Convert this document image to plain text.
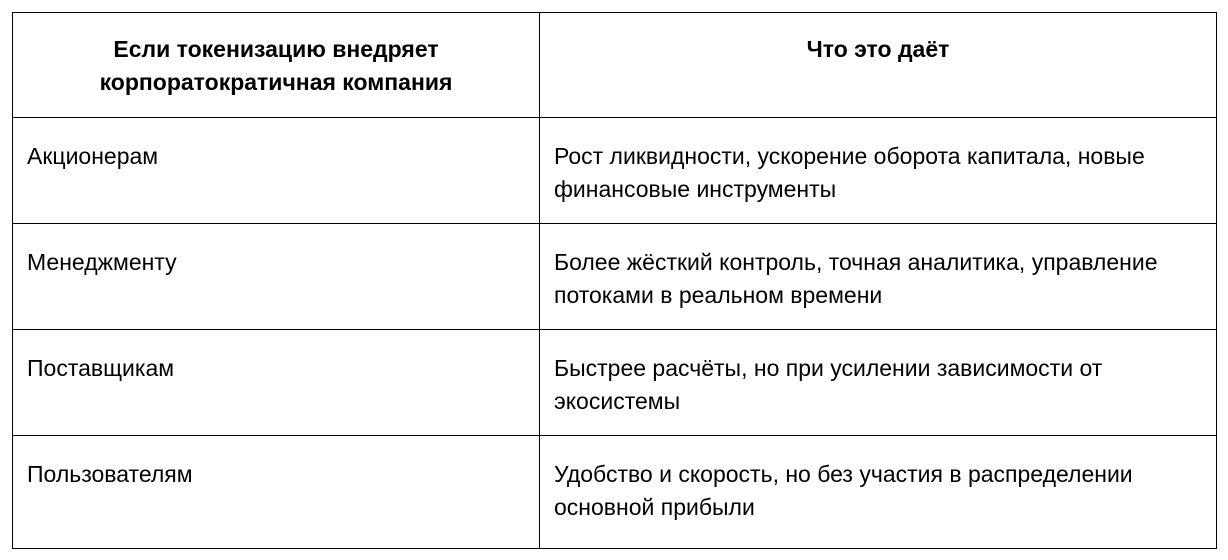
Если токенизацию внедряет корпоратократичная компания	Что это даёт
Акционерам	Рост ликвидности, ускорение оборота капитала, новые финансовые инструменты
Менеджменту	Более жёсткий контроль, точная аналитика, управление потоками в реальном времени
Поставщикам	Быстрее расчёты, но при усилении зависимости от экосистемы
Пользователям	Удобство и скорость, но без участия в распределении основной прибыли
